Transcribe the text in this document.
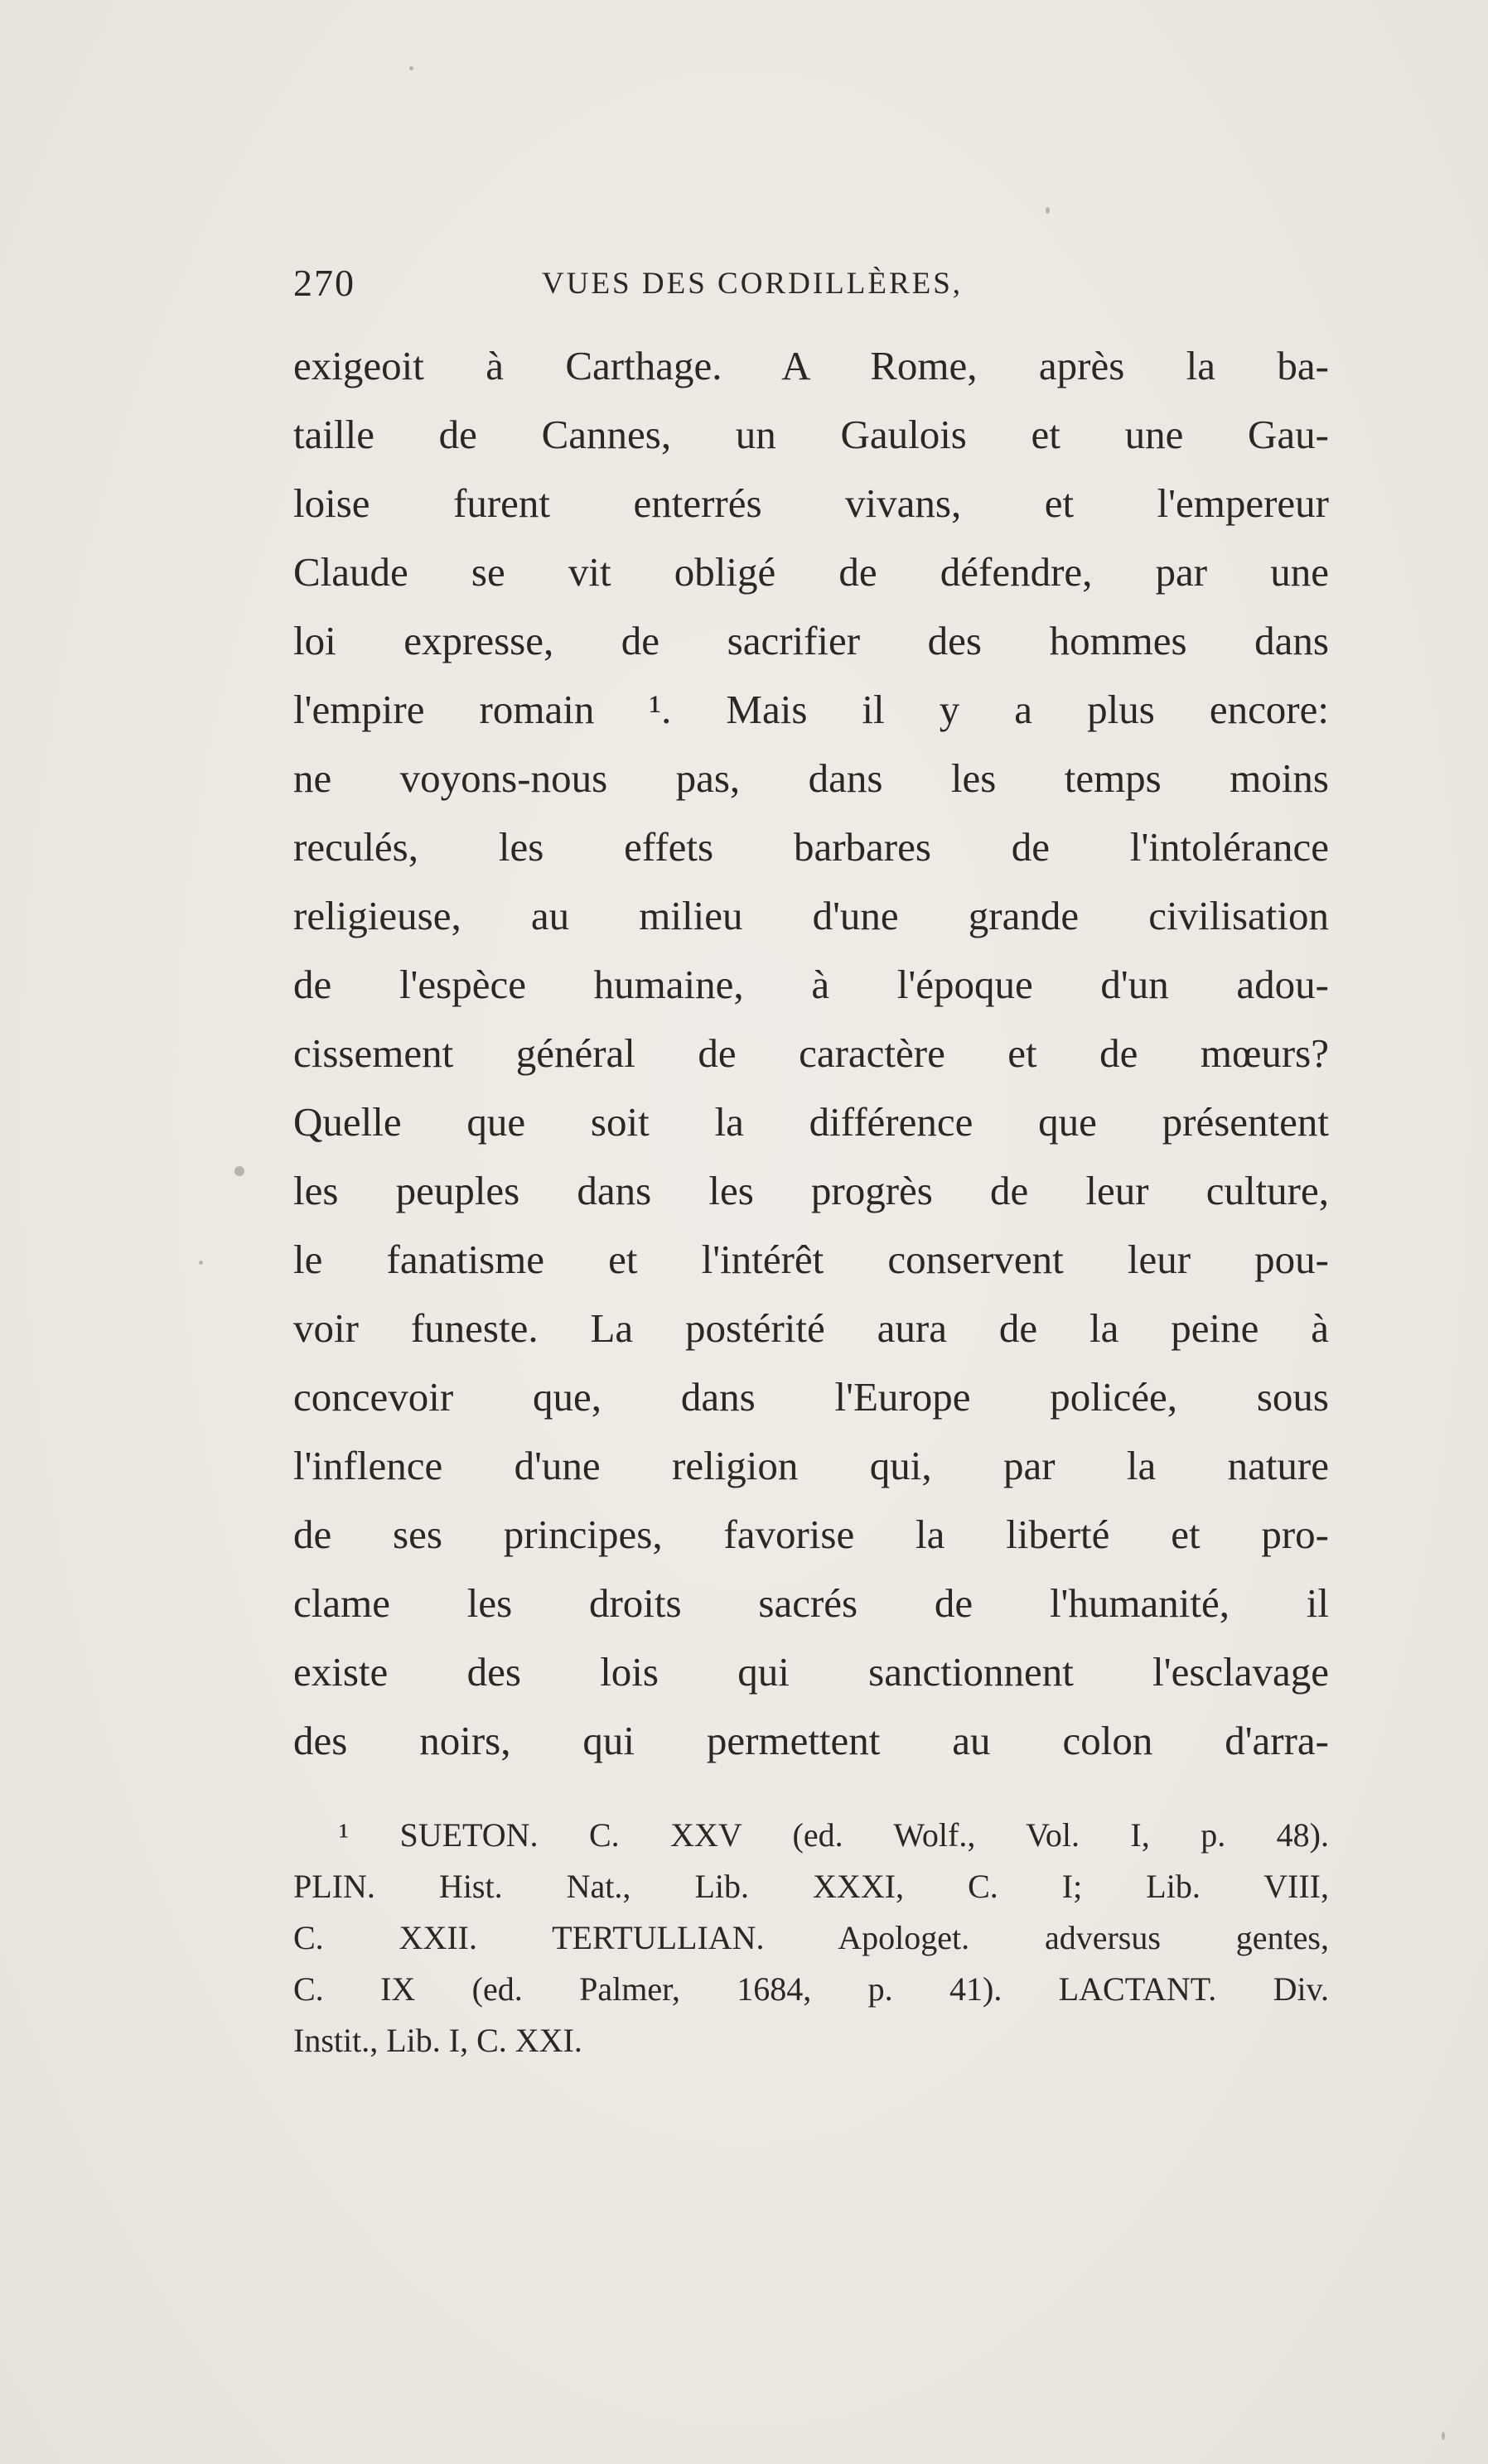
270	VUES DES CORDILLÈRES,
exigeoit à Carthage. A Rome, après la ba-
taille de Cannes, un Gaulois et une Gau-
loise furent enterrés vivans, et l'empereur
Claude se vit obligé de défendre, par une
loi expresse, de sacrifier des hommes dans
l'empire romain ¹. Mais il y a plus encore:
ne voyons-nous pas, dans les temps moins
reculés, les effets barbares de l'intolérance
religieuse, au milieu d'une grande civilisation
de l'espèce humaine, à l'époque d'un adou-
cissement général de caractère et de mœurs?
Quelle que soit la différence que présentent
les peuples dans les progrès de leur culture,
le fanatisme et l'intérêt conservent leur pou-
voir funeste. La postérité aura de la peine à
concevoir que, dans l'Europe policée, sous
l'inflence d'une religion qui, par la nature
de ses principes, favorise la liberté et pro-
clame les droits sacrés de l'humanité, il
existe des lois qui sanctionnent l'esclavage
des noirs, qui permettent au colon d'arra-
¹ SUETON. C. XXV (ed. Wolf., Vol. I, p. 48).
PLIN. Hist. Nat., Lib. XXXI, C. I; Lib. VIII,
C. XXII. TERTULLIAN. Apologet. adversus gentes,
C. IX (ed. Palmer, 1684, p. 41). LACTANT. Div.
Instit., Lib. I, C. XXI.
